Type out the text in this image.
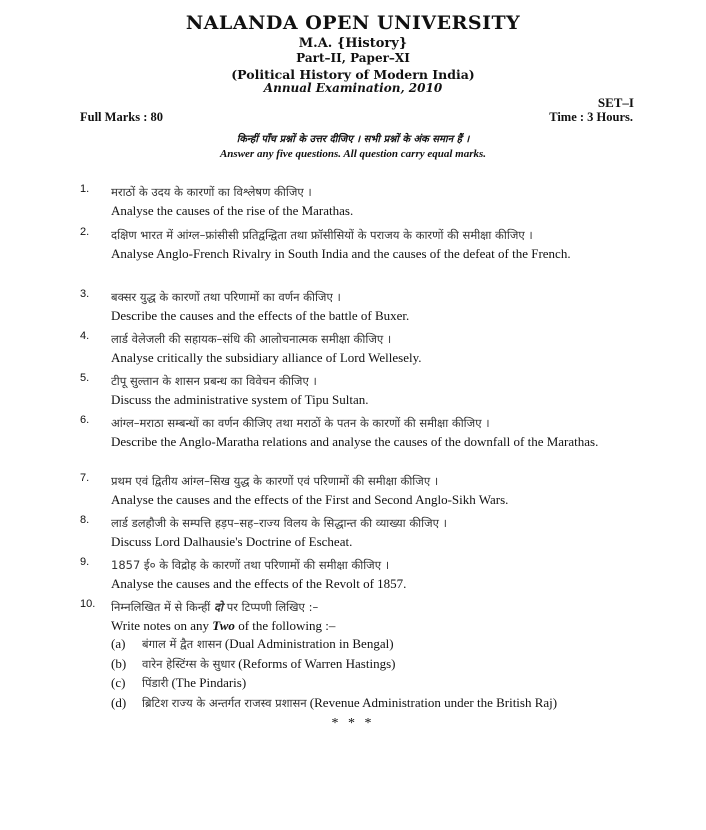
NALANDA OPEN UNIVERSITY
M.A. {History}
Part–II, Paper–XI
(Political History of Modern India)
Annual Examination, 2010
SET–I
Full Marks : 80	Time : 3 Hours.
किन्हीं पाँच प्रश्नों के उत्तर दीजिए । सभी प्रश्नों के अंक समान हैं ।
Answer any five questions. All question carry equal marks.
1.	मराठों के उदय के कारणों का विश्लेषण कीजिए ।
Analyse the causes of the rise of the Marathas.
2.	दक्षिण भारत में आंग्ल–फ्रांसीसी प्रतिद्वन्द्विता तथा फ्रॉसीसियों के पराजय के कारणों की समीक्षा कीजिए ।
Analyse Anglo-French Rivalry in South India and the causes of the defeat of the French.
3.	बक्सर युद्ध के कारणों तथा परिणामों का वर्णन कीजिए ।
Describe the causes and the effects of the battle of Buxer.
4.	लार्ड वेलेजली की सहायक–संधि की आलोचनात्मक समीक्षा कीजिए ।
Analyse critically the subsidiary alliance of Lord Wellesely.
5.	टीपू सुल्तान के शासन प्रबन्ध का विवेचन कीजिए ।
Discuss the administrative system of Tipu Sultan.
6.	आंग्ल–मराठा सम्बन्धों का वर्णन कीजिए तथा मराठों के पतन के कारणों की समीक्षा कीजिए ।
Describe the Anglo-Maratha relations and analyse the causes of the downfall of the Marathas.
7.	प्रथम एवं द्वितीय आंग्ल–सिख युद्ध के कारणों एवं परिणामों की समीक्षा कीजिए ।
Analyse the causes and the effects of the First and Second Anglo-Sikh Wars.
8.	लार्ड डलहौजी के सम्पत्ति हड़प–सह–राज्य विलय के सिद्धान्त की व्याख्या कीजिए ।
Discuss Lord Dalhausie's Doctrine of Escheat.
9.	1857 ई० के विद्रोह के कारणों तथा परिणामों की समीक्षा कीजिए ।
Analyse the causes and the effects of the Revolt of 1857.
10.	निम्नलिखित में से किन्हीं दो पर टिप्पणी लिखिए :–
Write notes on any Two of the following :–
(a) बंगाल में द्वैत शासन (Dual Administration in Bengal)
(b) वारेन हेस्टिंग्स के सुधार (Reforms of Warren Hastings)
(c) पिंडारी (The Pindaris)
(d) ब्रिटिश राज्य के अन्तर्गत राजस्व प्रशासन (Revenue Administration under the British Raj)
* * *
